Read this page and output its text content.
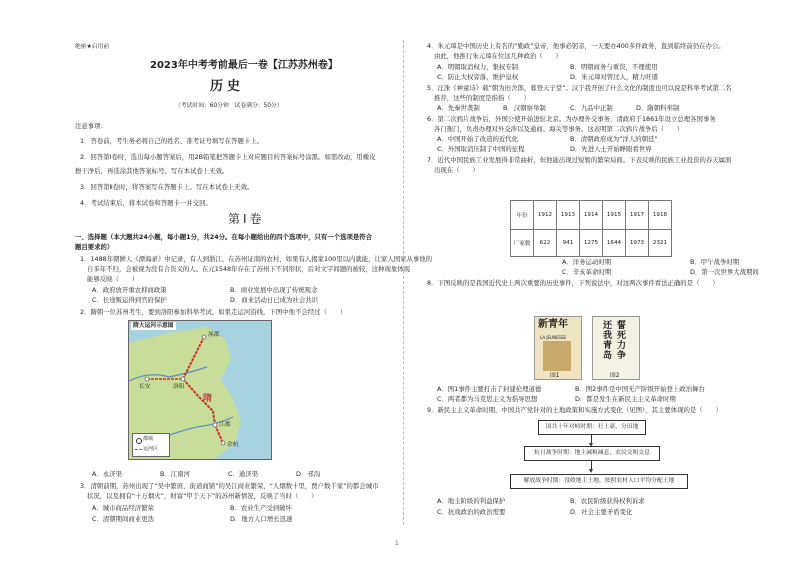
绝密★启用前
2023年中考考前最后一卷【江苏苏州卷】
历史
（考试时间：60分钟　试卷满分：50分）
注意事项：
1．答卷前，考生务必将自己的姓名、准考证号填写在答题卡上。
2．回答第Ⅰ卷时，选出每小题答案后，用2B铅笔把答题卡上对应题目的答案标号涂黑。如需改动，用橡皮
擦干净后，再选涂其他答案标号。写在本试卷上无效。
3．回答第Ⅱ卷时，将答案写在答题卡上。写在本试卷上无效。
4．考试结束后，将本试卷和答题卡一并交回。
第Ⅰ卷
一、选择题（本大题共24小题，每小题1分，共24分。在每小题给出的四个选项中，只有一个选项是符合
题目要求的）
1．1488年朝鲜人《漂海录》中记录，有人到浙江、在苏州证南的农村，如果有人揭家100里以内就能，让家人国家从事他的
自多年不归，会被视为没有合资义的人。在元1548年存在了苏州下不同形状，后对文字间题的被较，这种现象体现
能够反映（　　）
A．政府放开重农抑商政策	B．商业发展中出现了传统观念
C．长途贩运得到官府保护	D．商业活动日已成为社会共识
2．隋朝一位苏州考生，要到洛阳参加科举考试，如果走运河沿线，下图中他不会经过（　　）
隋大运河示意图
涿郡
长安	洛阳
江都
余杭
隋
都城
运河区
A．永济渠	B．江南河	C．通济渠	D．邗沟
3．清朝前期，苏州出现了“吴中繁庶，街道商铺”的吴江商业繁荣，“人烟数十里，贾户数千家”的都会城市
状况，以及拥有“十万烟火”，财富“甲于天下”的苏州新情况，反映了当时（　　）
A．城市商品经济繁荣	B．农业生产受到破坏
C．清朝期间商业更迭	D．地方人口增长迅速
4．朱元璋是中国历史上有名的“勤政”皇帝，他事必躬亲，一天要办400多件政务，直到临终前仍在办公。
由此，他推行朱元璋在位这几种政治（　　）
A．明朝取消权力，集权专制	B．明朝商务与重资，不理使用
C．防止大权旁落，维护皇权	D．朱元璋对管过人，精力旺盛
5．汪洙《神童诗》载“朝为田舍郎，暮登天子堂”。汉于我开创了什么文化的制度也可以说是科举考试第二名
推荐，这些的制度是指指（　　）
A．先秦世袭制	B．汉朝察举制	C．九品中正制	D．隋朝科举制
6．第二次鸦片战争后，外国公使开始进驻北京。为办理外交事务，清政府于1861年设立总理各国事务
各门衙门，负责办理对外交涉以及通商、海关等事务。这表明第二次鸦片战争后（　　）
A．中国开始了改造的近代化	B．清朝政府成为“洋人的朝廷”
C．外国取消压制了中国的征程	D．先进人士开始睁眼看世界
7．近代中国民族工业发展得非常曲折，但他能出现过短暂的繁荣局面。下表反映的民族工业投资的春天属面
出现在（　　）
年份	1912	1913	1914	1915	1917	1918
厂家数	622	941	1275	1644	1973	2321
A．洋务运动时期	B．甲午战争时期
C．辛亥革命时期	D．第一次世界大战期间
8．下图反映的是我国近代史上两次重要的历史事件，下列说法中，对这两次事件看法正确的是（　　）
新青年
LA JEUNESSE
誓死力争
还我青岛
图1	图2
A．图1事件主要打击了封建伦理道德	B．图2事件是中国无产阶级开始登上政治舞台
C．两者都为马克思主义为指导思想	D．都是发生在新民主主义革命时期
9．新民主主义革命时期，中国共产党针对的土地政策和实施方式变化（见图），其主要体现的是（　　）
国共十年对峙时期：打土豪，分田地
抗日战争时期：地主减租减息，农民交租交息
解放战争时期：没收地主土地，按照农村人口平均分配土地
A．地主阶级的利益保护	B．农民阶级获得权利诉求
C．抗战政治的政治需要	D．社会主要矛盾变化
1
